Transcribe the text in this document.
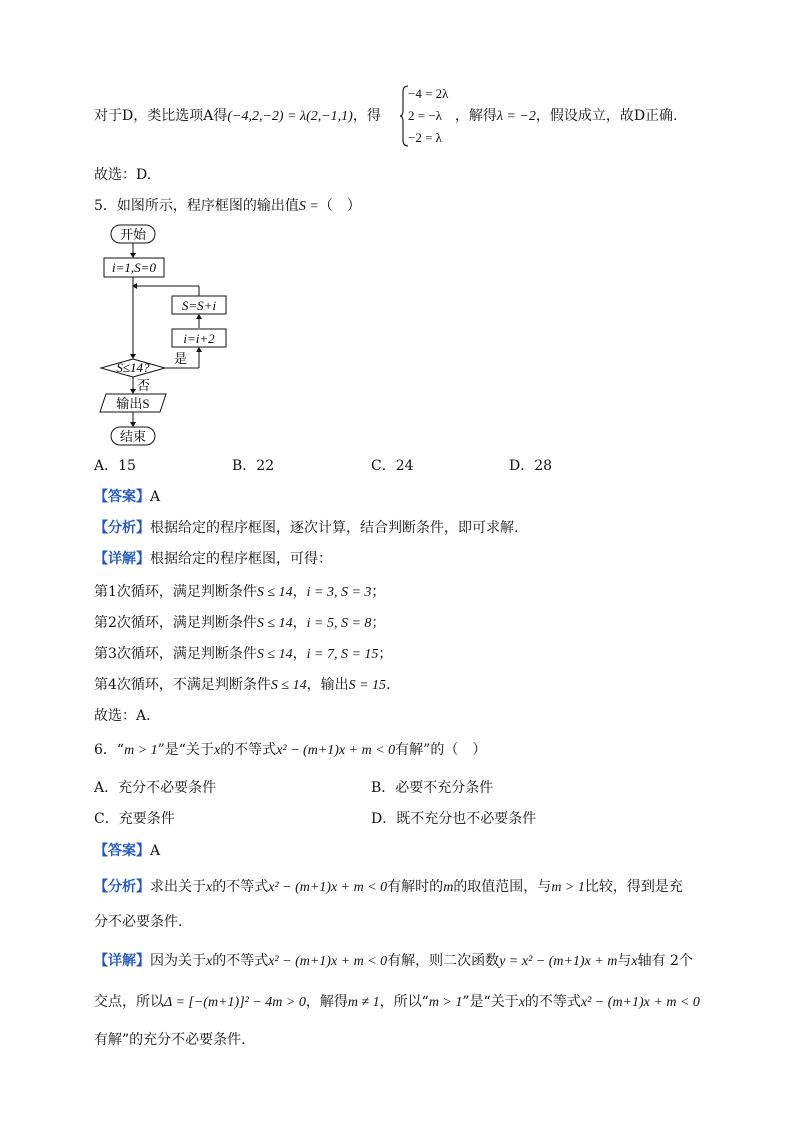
对于D，类比选项A得(−4,2,−2) = λ(2,−1,1)，得	，解得λ = −2，假设成立，故D正确.
−4 = 2λ
2 = −λ
−2 = λ
故选：D.
5．如图所示，程序框图的输出值S =（　）
开始
i=1,S=0
S=S+i
i=i+2
S≤14?
是
否
输出S
结束
A．15	B．22	C．24	D．28
【答案】A
【分析】根据给定的程序框图，逐次计算，结合判断条件，即可求解.
【详解】根据给定的程序框图，可得：
第1次循环，满足判断条件S ≤ 14，i = 3, S = 3；
第2次循环，满足判断条件S ≤ 14，i = 5, S = 8；
第3次循环，满足判断条件S ≤ 14，i = 7, S = 15；
第4次循环，不满足判断条件S ≤ 14，输出S = 15.
故选：A.
6．“m > 1”是“关于x的不等式x² − (m+1)x + m < 0有解”的（　）
A．充分不必要条件	B．必要不充分条件
C．充要条件	D．既不充分也不必要条件
【答案】A
【分析】求出关于x的不等式x² − (m+1)x + m < 0有解时的m的取值范围，与m > 1比较，得到是充
分不必要条件.
【详解】因为关于x的不等式x² − (m+1)x + m < 0有解，则二次函数y = x² − (m+1)x + m与x轴有 2个
交点，所以Δ = [−(m+1)]² − 4m > 0，解得m ≠ 1，所以“m > 1”是“关于x的不等式x² − (m+1)x + m < 0
有解”的充分不必要条件.
